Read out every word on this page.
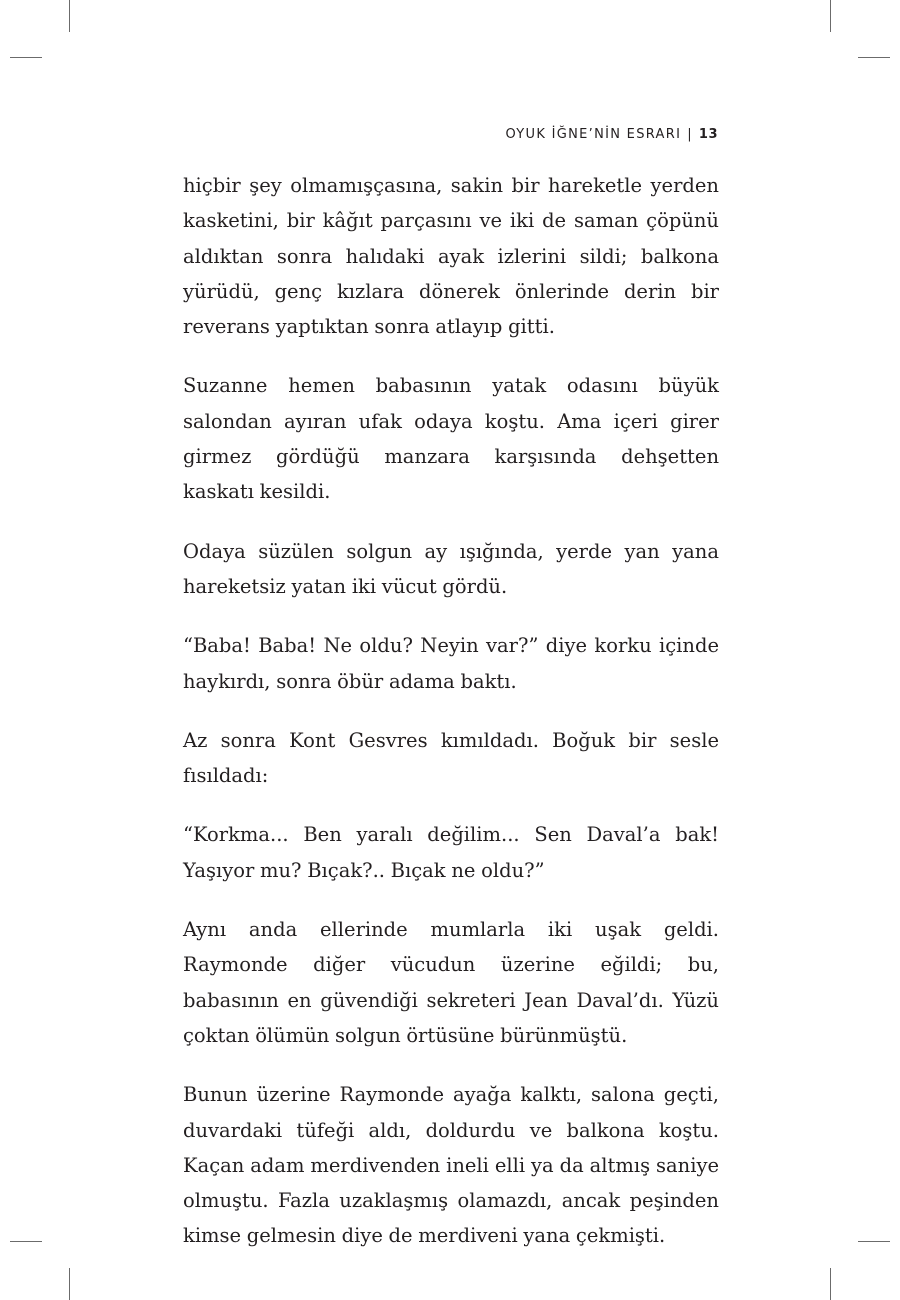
OYUK İĞNE’NİN ESRARI | 13

hiçbir şey olmamışçasına, sakin bir hareketle yerden kasketini, bir kâğıt parçasını ve iki de saman çöpünü aldıktan sonra halıdaki ayak izlerini sildi; balkona yürüdü, genç kızlara dönerek önlerinde derin bir reverans yaptıktan sonra atlayıp gitti.

Suzanne hemen babasının yatak odasını büyük salondan ayıran ufak odaya koştu. Ama içeri girer girmez gördüğü manzara karşısında dehşetten kaskatı kesildi.

Odaya süzülen solgun ay ışığında, yerde yan yana hareketsiz yatan iki vücut gördü.

“Baba! Baba! Ne oldu? Neyin var?” diye korku içinde haykırdı, sonra öbür adama baktı.

Az sonra Kont Gesvres kımıldadı. Boğuk bir sesle fısıldadı:

“Korkma... Ben yaralı değilim... Sen Daval’a bak! Yaşıyor mu? Bıçak?.. Bıçak ne oldu?”

Aynı anda ellerinde mumlarla iki uşak geldi. Raymonde diğer vücudun üzerine eğildi; bu, babasının en güvendiği sekreteri Jean Daval’dı. Yüzü çoktan ölümün solgun örtüsüne bürünmüştü.

Bunun üzerine Raymonde ayağa kalktı, salona geçti, duvardaki tüfeği aldı, doldurdu ve balkona koştu. Kaçan adam merdivenden ineli elli ya da altmış saniye olmuştu. Fazla uzaklaşmış olamazdı, ancak peşinden kimse gelmesin diye de merdiveni yana çekmişti.
